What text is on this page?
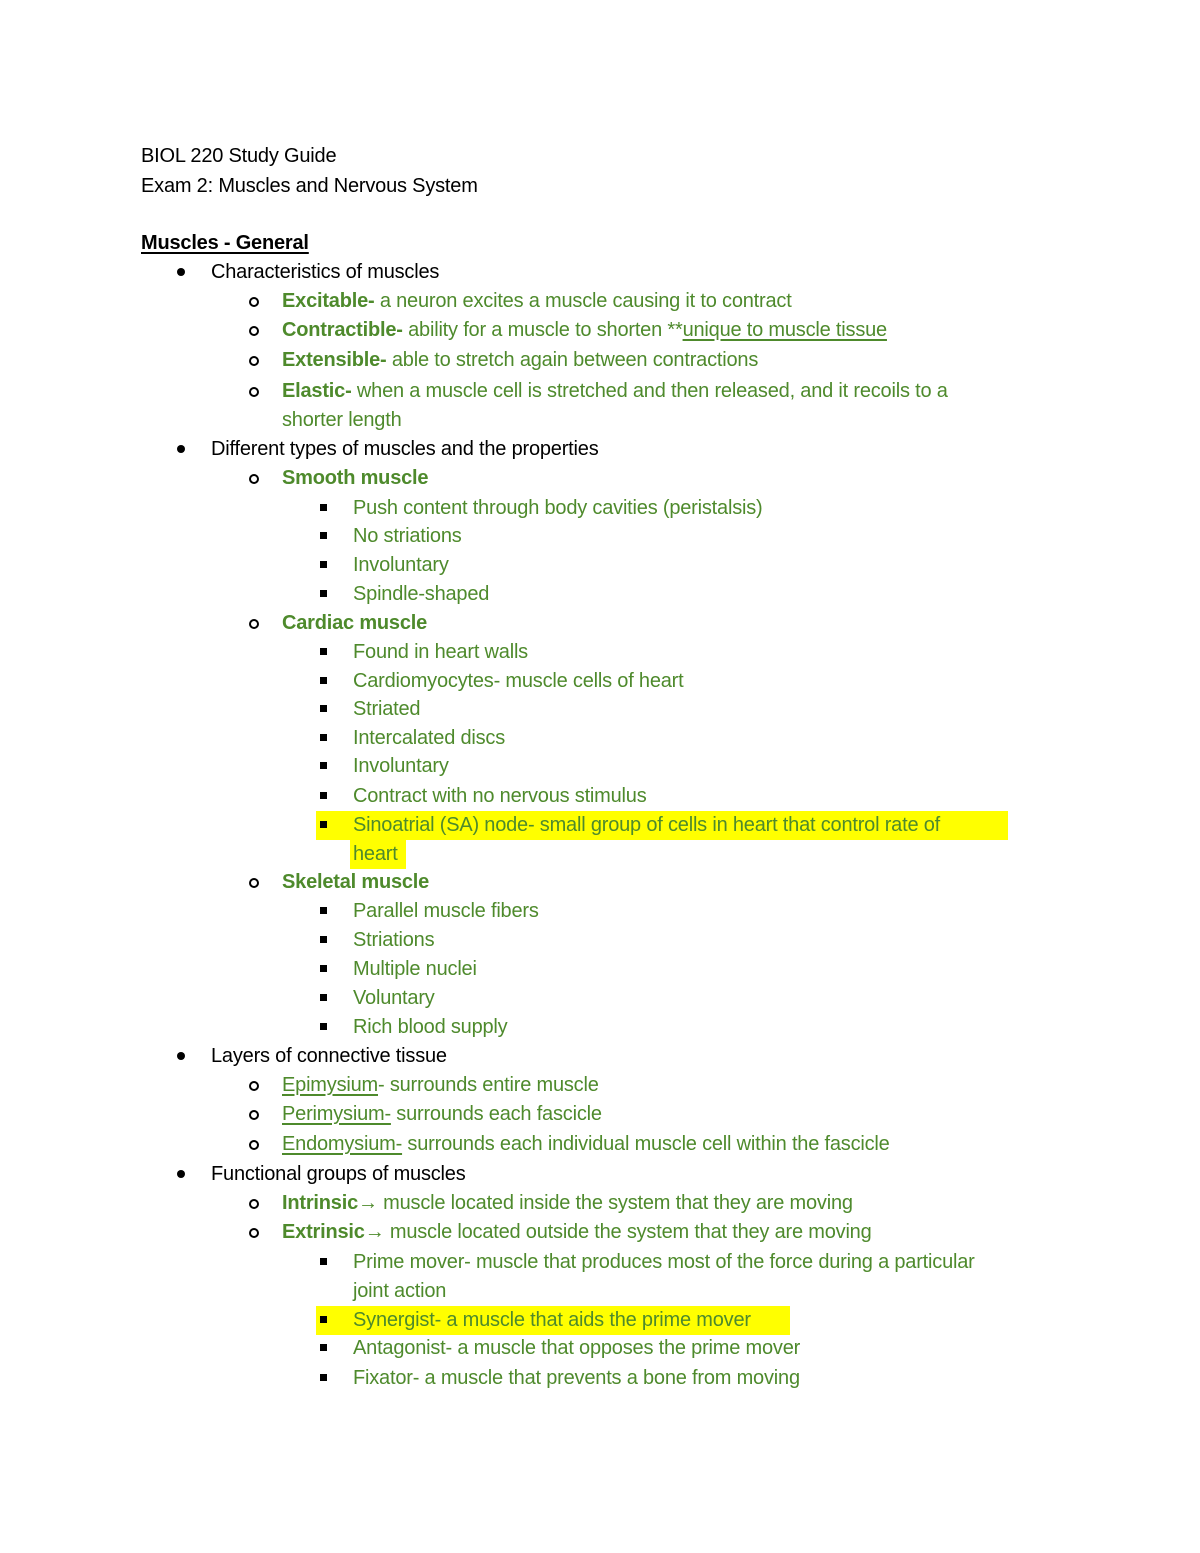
BIOL 220 Study Guide
Exam 2: Muscles and Nervous System
Muscles - General
Characteristics of muscles
Excitable- a neuron excites a muscle causing it to contract
Contractible- ability for a muscle to shorten **unique to muscle tissue
Extensible- able to stretch again between contractions
Elastic- when a muscle cell is stretched and then released, and it recoils to a
shorter length
Different types of muscles and the properties
Smooth muscle
Push content through body cavities (peristalsis)
No striations
Involuntary
Spindle-shaped
Cardiac muscle
Found in heart walls
Cardiomyocytes- muscle cells of heart
Striated
Intercalated discs
Involuntary
Contract with no nervous stimulus
Sinoatrial (SA) node- small group of cells in heart that control rate of
heart
Skeletal muscle
Parallel muscle fibers
Striations
Multiple nuclei
Voluntary
Rich blood supply
Layers of connective tissue
Epimysium- surrounds entire muscle
Perimysium- surrounds each fascicle
Endomysium- surrounds each individual muscle cell within the fascicle
Functional groups of muscles
Intrinsic→ muscle located inside the system that they are moving
Extrinsic→ muscle located outside the system that they are moving
Prime mover- muscle that produces most of the force during a particular
joint action
Synergist- a muscle that aids the prime mover
Antagonist- a muscle that opposes the prime mover
Fixator- a muscle that prevents a bone from moving
